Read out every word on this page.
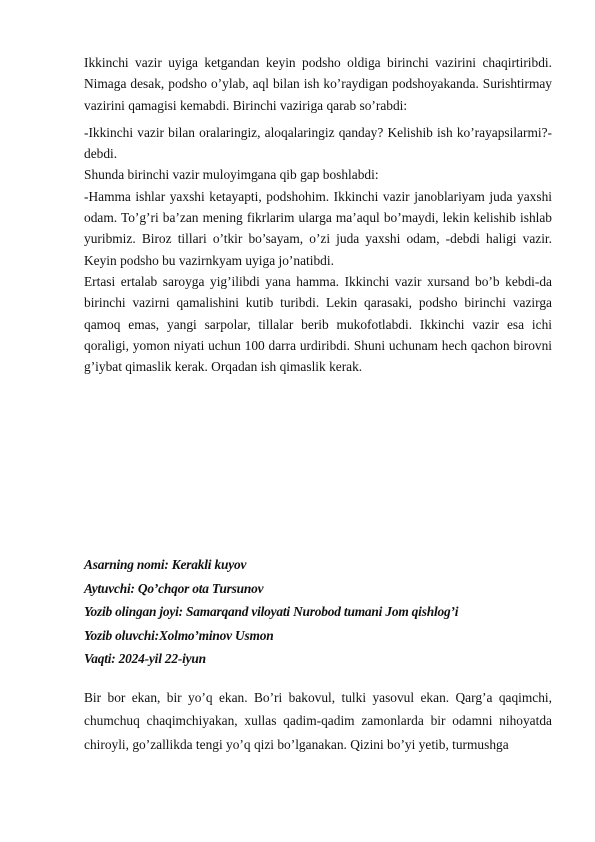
Ikkinchi vazir uyiga ketgandan keyin podsho oldiga birinchi vazirini chaqirtiribdi. Nimaga desak, podsho o’ylab, aql bilan ish ko’raydigan podshoyakanda. Surishtirmay vazirini qamagisi kemabdi. Birinchi vaziriga qarab so’rabdi:

-Ikkinchi vazir bilan oralaringiz, aloqalaringiz qanday? Kelishib ish ko’rayapsilarmi?-debdi.

Shunda birinchi vazir muloyimgana qib gap boshlabdi:

-Hamma ishlar yaxshi ketayapti, podshohim. Ikkinchi vazir janoblariyam juda yaxshi odam. To’g’ri ba’zan mening fikrlarim ularga ma’aqul bo’maydi, lekin kelishib ishlab yuribmiz. Biroz tillari o’tkir bo’sayam, o’zi juda yaxshi odam, -debdi haligi vazir. Keyin podsho bu vazirnkyam uyiga jo’natibdi.

Ertasi ertalab saroyga yig’ilibdi yana hamma. Ikkinchi vazir xursand bo’b kebdi-da birinchi vazirni qamalishini kutib turibdi. Lekin qarasaki, podsho birinchi vazirga qamoq emas, yangi sarpolar, tillalar berib mukofotlabdi. Ikkinchi vazir esa ichi qoraligi, yomon niyati uchun 100 darra urdiribdi. Shuni uchunam hech qachon birovni g’iybat qimaslik kerak. Orqadan ish qimaslik kerak.

Asarning nomi: Kerakli kuyov
Aytuvchi: Qo’chqor ota Tursunov
Yozib olingan joyi: Samarqand viloyati Nurobod tumani Jom qishlog’i
Yozib oluvchi:Xolmo’minov Usmon
Vaqti: 2024-yil 22-iyun

Bir bor ekan, bir yo’q ekan. Bo’ri bakovul, tulki yasovul ekan. Qarg’a qaqimchi, chumchuq chaqimchiyakan, xullas qadim-qadim zamonlarda bir odamni nihoyatda chiroyli, go’zallikda tengi yo’q qizi bo’lganakan. Qizini bo’yi yetib, turmushga
